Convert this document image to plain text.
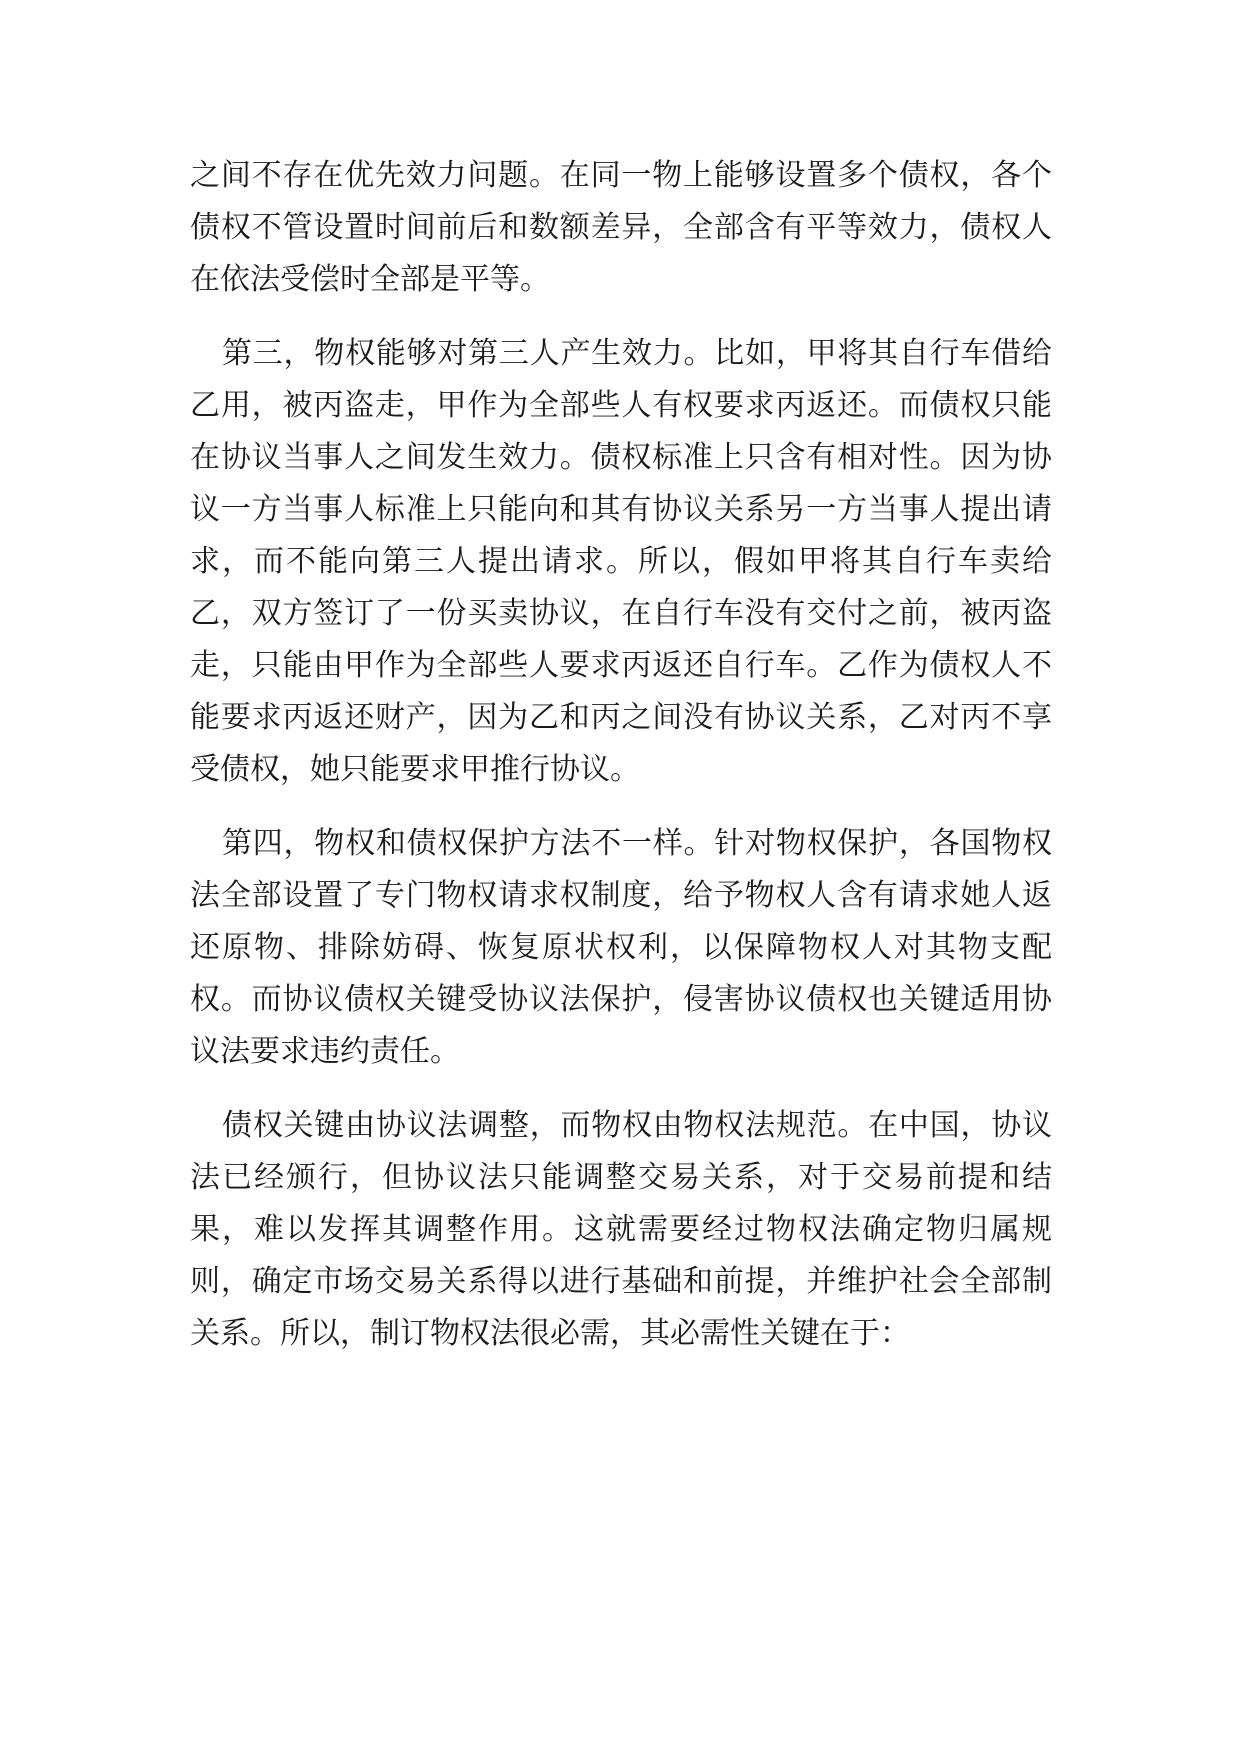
之间不存在优先效力问题。在同一物上能够设置多个债权，各个债权不管设置时间前后和数额差异，全部含有平等效力，债权人在依法受偿时全部是平等。

第三，物权能够对第三人产生效力。比如，甲将其自行车借给乙用，被丙盗走，甲作为全部些人有权要求丙返还。而债权只能在协议当事人之间发生效力。债权标准上只含有相对性。因为协议一方当事人标准上只能向和其有协议关系另一方当事人提出请求，而不能向第三人提出请求。所以，假如甲将其自行车卖给乙，双方签订了一份买卖协议，在自行车没有交付之前，被丙盗走，只能由甲作为全部些人要求丙返还自行车。乙作为债权人不能要求丙返还财产，因为乙和丙之间没有协议关系，乙对丙不享受债权，她只能要求甲推行协议。

第四，物权和债权保护方法不一样。针对物权保护，各国物权法全部设置了专门物权请求权制度，给予物权人含有请求她人返还原物、排除妨碍、恢复原状权利，以保障物权人对其物支配权。而协议债权关键受协议法保护，侵害协议债权也关键适用协议法要求违约责任。

债权关键由协议法调整，而物权由物权法规范。在中国，协议法已经颁行，但协议法只能调整交易关系，对于交易前提和结果，难以发挥其调整作用。这就需要经过物权法确定物归属规则，确定市场交易关系得以进行基础和前提，并维护社会全部制关系。所以，制订物权法很必需，其必需性关键在于：
